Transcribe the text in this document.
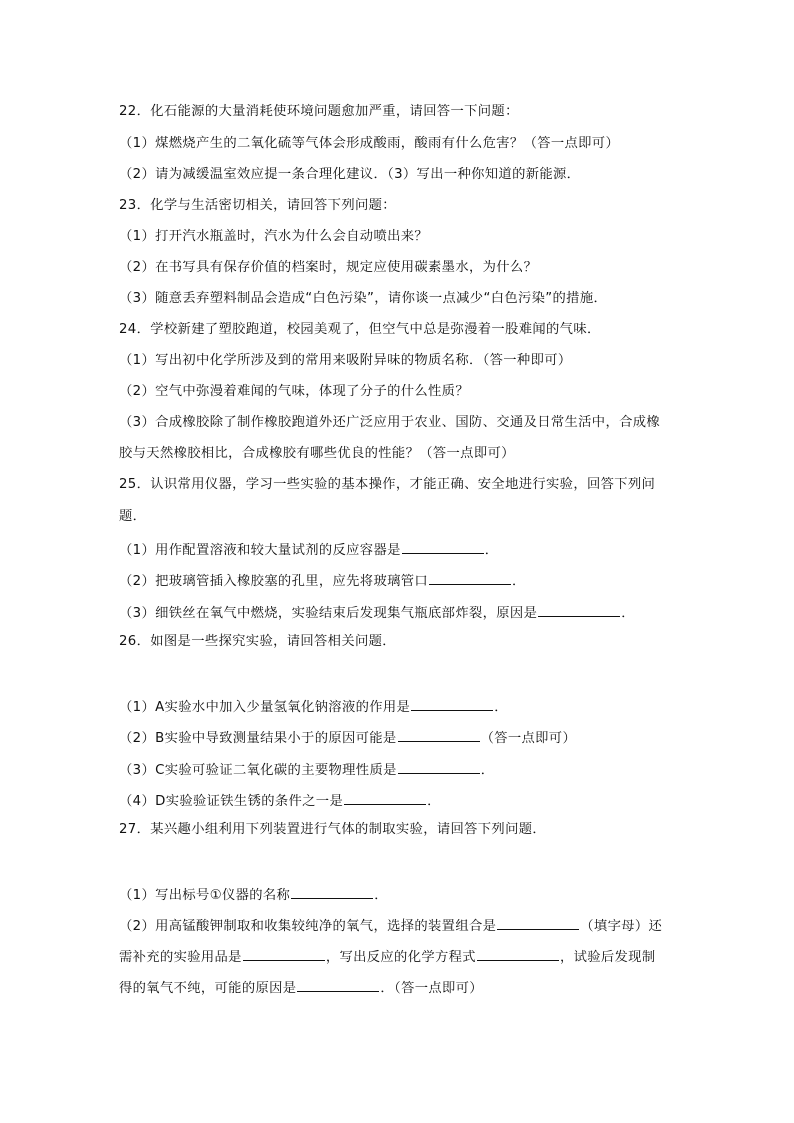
22．化石能源的大量消耗使环境问题愈加严重，请回答一下问题：
（1）煤燃烧产生的二氧化硫等气体会形成酸雨，酸雨有什么危害？（答一点即可）
（2）请为减缓温室效应提一条合理化建议．（3）写出一种你知道的新能源．
23．化学与生活密切相关，请回答下列问题：
（1）打开汽水瓶盖时，汽水为什么会自动喷出来？
（2）在书写具有保存价值的档案时，规定应使用碳素墨水，为什么？
（3）随意丢弃塑料制品会造成“白色污染”，请你谈一点减少“白色污染”的措施．
24．学校新建了塑胶跑道，校园美观了，但空气中总是弥漫着一股难闻的气味．
（1）写出初中化学所涉及到的常用来吸附异味的物质名称．（答一种即可）
（2）空气中弥漫着难闻的气味，体现了分子的什么性质？
（3）合成橡胶除了制作橡胶跑道外还广泛应用于农业、国防、交通及日常生活中，合成橡
胶与天然橡胶相比，合成橡胶有哪些优良的性能？（答一点即可）
25．认识常用仪器，学习一些实验的基本操作，才能正确、安全地进行实验，回答下列问
题．
（1）用作配置溶液和较大量试剂的反应容器是	．
（2）把玻璃管插入橡胶塞的孔里，应先将玻璃管口	．
（3）细铁丝在氧气中燃烧，实验结束后发现集气瓶底部炸裂，原因是	．
26．如图是一些探究实验，请回答相关问题．
（1）A实验水中加入少量氢氧化钠溶液的作用是	．
（2）B实验中导致测量结果小于的原因可能是	（答一点即可）
（3）C实验可验证二氧化碳的主要物理性质是	．
（4）D实验验证铁生锈的条件之一是	．
27．某兴趣小组利用下列装置进行气体的制取实验，请回答下列问题．
（1）写出标号①仪器的名称	．
（2）用高锰酸钾制取和收集较纯净的氧气，选择的装置组合是	（填字母）还
需补充的实验用品是	，写出反应的化学方程式	，试验后发现制
得的氧气不纯，可能的原因是	．（答一点即可）
